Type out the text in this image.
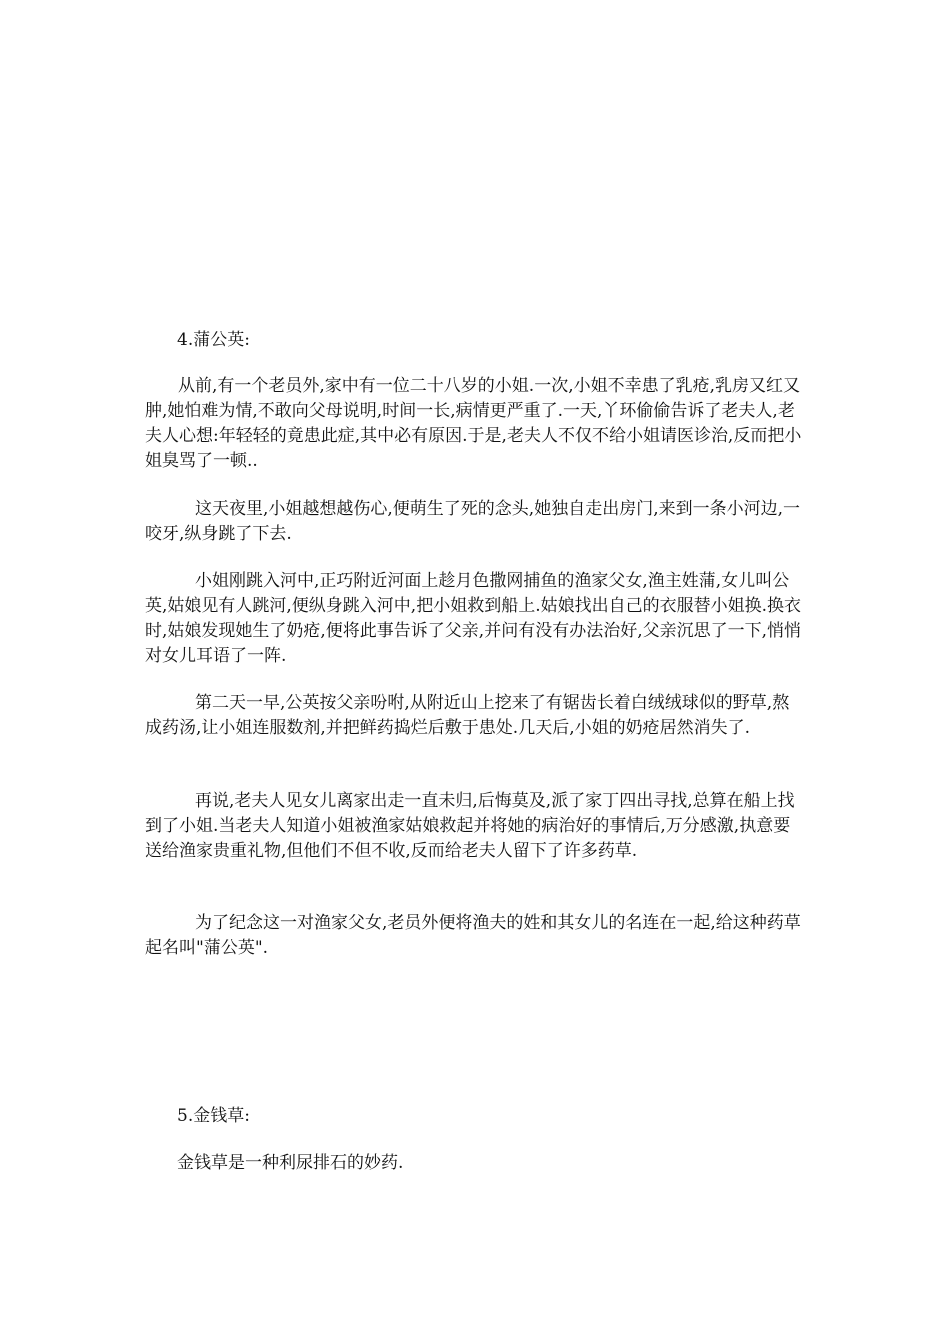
4.蒲公英:
从前,有一个老员外,家中有一位二十八岁的小姐.一次,小姐不幸患了乳疮,乳房又红又肿,她怕难为情,不敢向父母说明,时间一长,病情更严重了.一天,丫环偷偷告诉了老夫人,老夫人心想:年轻轻的竟患此症,其中必有原因.于是,老夫人不仅不给小姐请医诊治,反而把小姐臭骂了一顿..
这天夜里,小姐越想越伤心,便萌生了死的念头,她独自走出房门,来到一条小河边,一咬牙,纵身跳了下去.
小姐刚跳入河中,正巧附近河面上趁月色撒网捕鱼的渔家父女,渔主姓蒲,女儿叫公英,姑娘见有人跳河,便纵身跳入河中,把小姐救到船上.姑娘找出自己的衣服替小姐换.换衣时,姑娘发现她生了奶疮,便将此事告诉了父亲,并问有没有办法治好,父亲沉思了一下,悄悄对女儿耳语了一阵.
第二天一早,公英按父亲吩咐,从附近山上挖来了有锯齿长着白绒绒球似的野草,熬成药汤,让小姐连服数剂,并把鲜药捣烂后敷于患处.几天后,小姐的奶疮居然消失了.
再说,老夫人见女儿离家出走一直未归,后悔莫及,派了家丁四出寻找,总算在船上找到了小姐.当老夫人知道小姐被渔家姑娘救起并将她的病治好的事情后,万分感激,执意要送给渔家贵重礼物,但他们不但不收,反而给老夫人留下了许多药草.
为了纪念这一对渔家父女,老员外便将渔夫的姓和其女儿的名连在一起,给这种药草起名叫"蒲公英".
5.金钱草:
金钱草是一种利尿排石的妙药.
